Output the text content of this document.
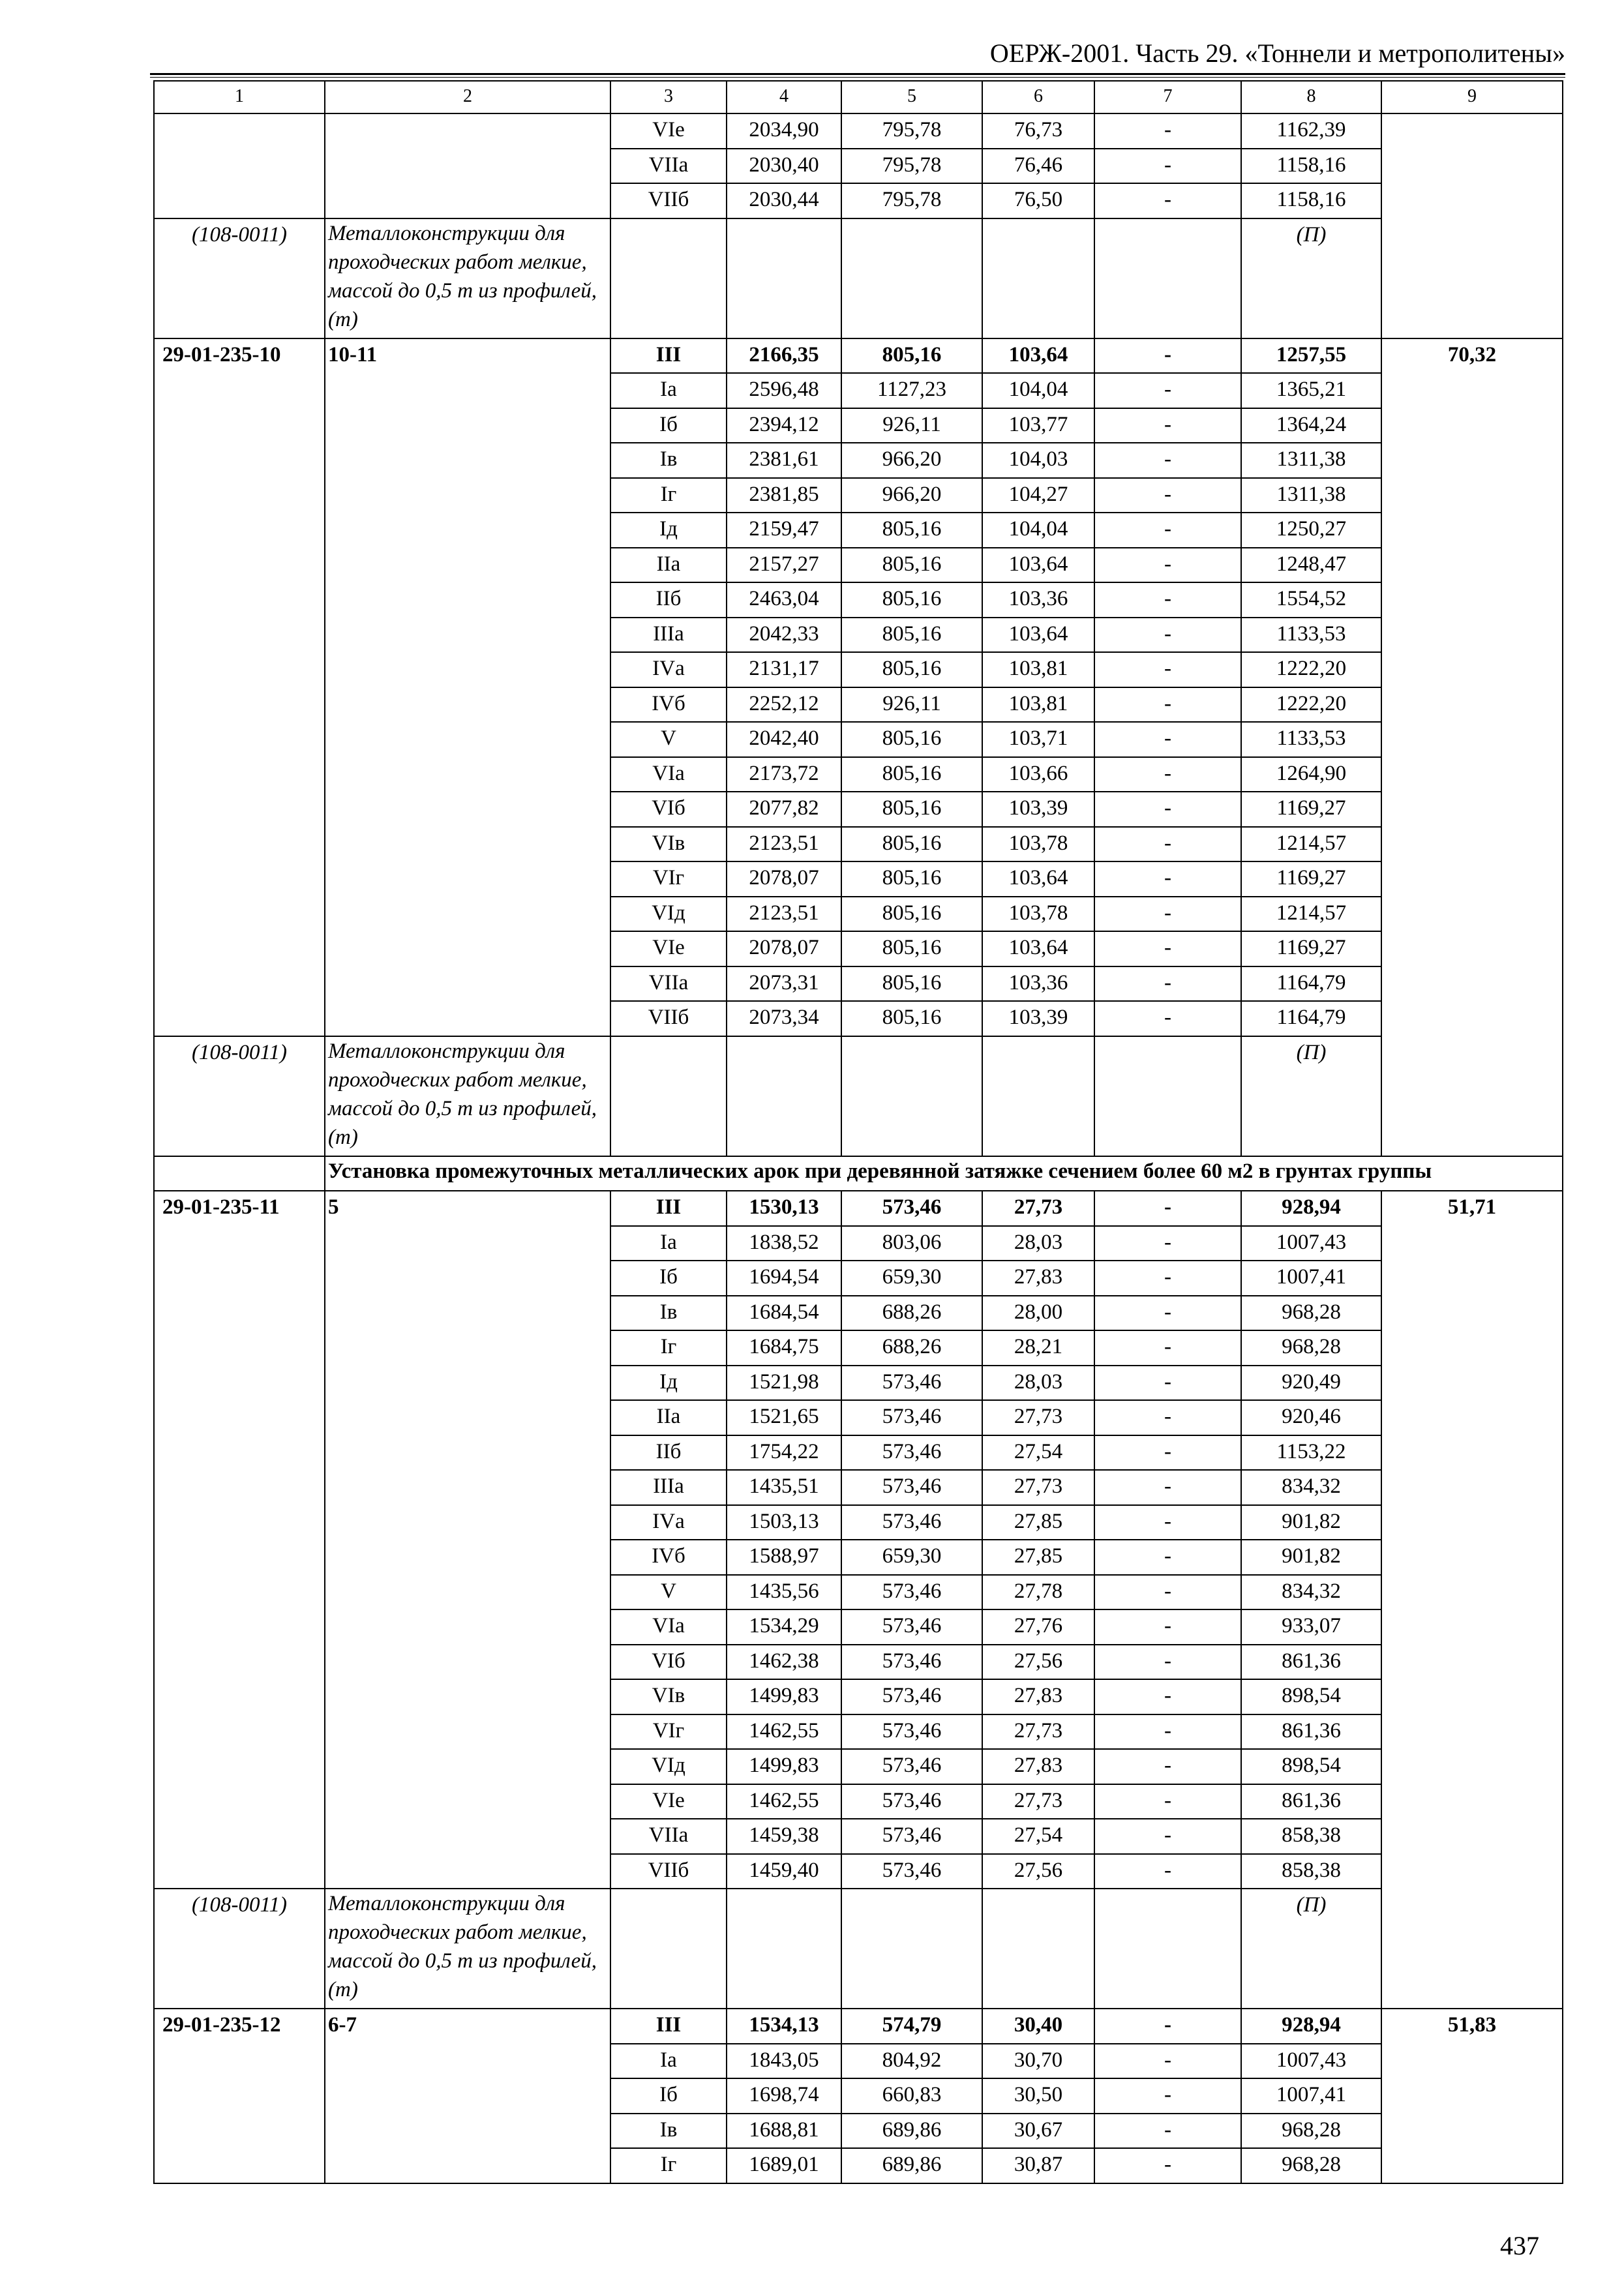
ОЕРЖ-2001. Часть 29. «Тоннели и метрополитены»
1	2	3	4	5	6	7	8	9
		VIе	2034,90	795,78	76,73	-	1162,39	
		VIIа	2030,40	795,78	76,46	-	1158,16	
		VIIб	2030,44	795,78	76,50	-	1158,16	
(108-0011)	Металлоконструкции для проходческих работ мелкие, массой до 0,5 т из профилей, (т)						(П)	
29-01-235-10	10-11	III	2166,35	805,16	103,64	-	1257,55	70,32
		Iа	2596,48	1127,23	104,04	-	1365,21	
		Iб	2394,12	926,11	103,77	-	1364,24	
		Iв	2381,61	966,20	104,03	-	1311,38	
		Iг	2381,85	966,20	104,27	-	1311,38	
		Iд	2159,47	805,16	104,04	-	1250,27	
		IIа	2157,27	805,16	103,64	-	1248,47	
		IIб	2463,04	805,16	103,36	-	1554,52	
		IIIа	2042,33	805,16	103,64	-	1133,53	
		IVа	2131,17	805,16	103,81	-	1222,20	
		IVб	2252,12	926,11	103,81	-	1222,20	
		V	2042,40	805,16	103,71	-	1133,53	
		VIа	2173,72	805,16	103,66	-	1264,90	
		VIб	2077,82	805,16	103,39	-	1169,27	
		VIв	2123,51	805,16	103,78	-	1214,57	
		VIг	2078,07	805,16	103,64	-	1169,27	
		VIд	2123,51	805,16	103,78	-	1214,57	
		VIе	2078,07	805,16	103,64	-	1169,27	
		VIIа	2073,31	805,16	103,36	-	1164,79	
		VIIб	2073,34	805,16	103,39	-	1164,79	
(108-0011)	Металлоконструкции для проходческих работ мелкие, массой до 0,5 т из профилей, (т)						(П)	
	Установка промежуточных металлических арок при деревянной затяжке сечением более 60 м2 в грунтах группы							
29-01-235-11	5	III	1530,13	573,46	27,73	-	928,94	51,71
		Iа	1838,52	803,06	28,03	-	1007,43	
		Iб	1694,54	659,30	27,83	-	1007,41	
		Iв	1684,54	688,26	28,00	-	968,28	
		Iг	1684,75	688,26	28,21	-	968,28	
		Iд	1521,98	573,46	28,03	-	920,49	
		IIа	1521,65	573,46	27,73	-	920,46	
		IIб	1754,22	573,46	27,54	-	1153,22	
		IIIа	1435,51	573,46	27,73	-	834,32	
		IVа	1503,13	573,46	27,85	-	901,82	
		IVб	1588,97	659,30	27,85	-	901,82	
		V	1435,56	573,46	27,78	-	834,32	
		VIа	1534,29	573,46	27,76	-	933,07	
		VIб	1462,38	573,46	27,56	-	861,36	
		VIв	1499,83	573,46	27,83	-	898,54	
		VIг	1462,55	573,46	27,73	-	861,36	
		VIд	1499,83	573,46	27,83	-	898,54	
		VIе	1462,55	573,46	27,73	-	861,36	
		VIIа	1459,38	573,46	27,54	-	858,38	
		VIIб	1459,40	573,46	27,56	-	858,38	
(108-0011)	Металлоконструкции для проходческих работ мелкие, массой до 0,5 т из профилей, (т)						(П)	
29-01-235-12	6-7	III	1534,13	574,79	30,40	-	928,94	51,83
		Iа	1843,05	804,92	30,70	-	1007,43	
		Iб	1698,74	660,83	30,50	-	1007,41	
		Iв	1688,81	689,86	30,67	-	968,28	
		Iг	1689,01	689,86	30,87	-	968,28	
437
